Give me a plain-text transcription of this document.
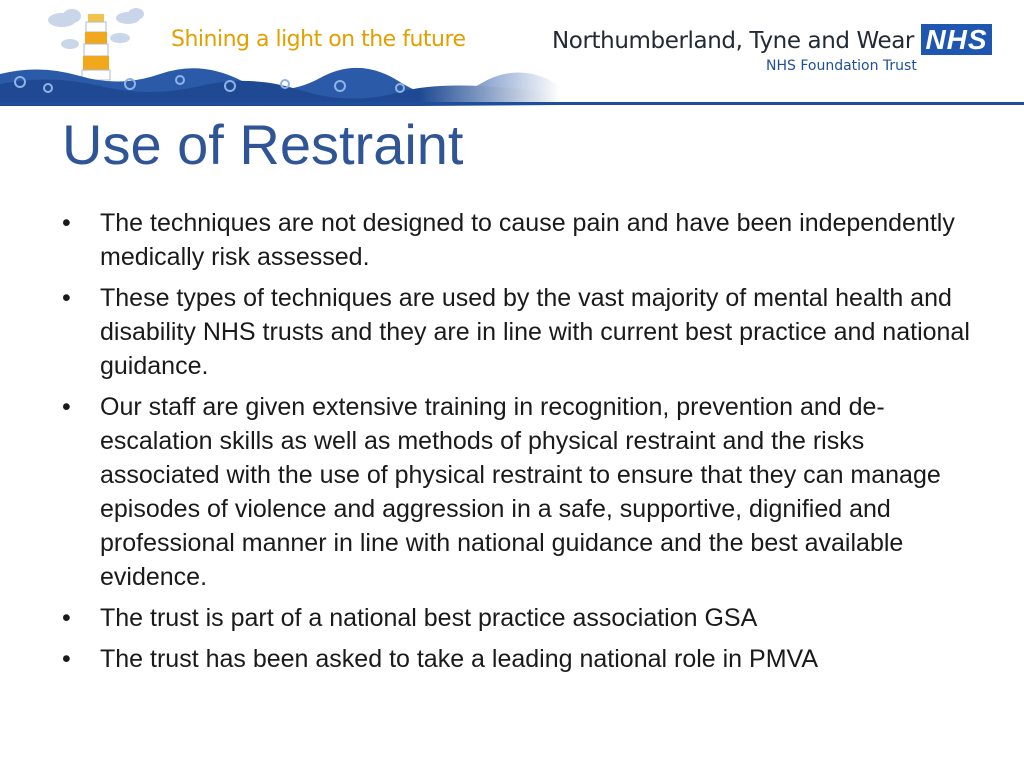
Shining a light on the future	Northumberland, Tyne and Wear
NHS Foundation Trust
NHS
Use of Restraint
• The techniques are not designed to cause pain and have been independently medically risk assessed.
• These types of techniques are used by the vast majority of mental health and disability NHS trusts and they are in line with current best practice and national guidance.
• Our staff are given extensive training in recognition, prevention and de-escalation skills as well as methods of physical restraint and the risks associated with the use of physical restraint to ensure that they can manage episodes of violence and aggression in a safe, supportive, dignified and professional manner in line with national guidance and the best available evidence.
• The trust is part of a national best practice association GSA
• The trust has been asked to take a leading national role in PMVA
